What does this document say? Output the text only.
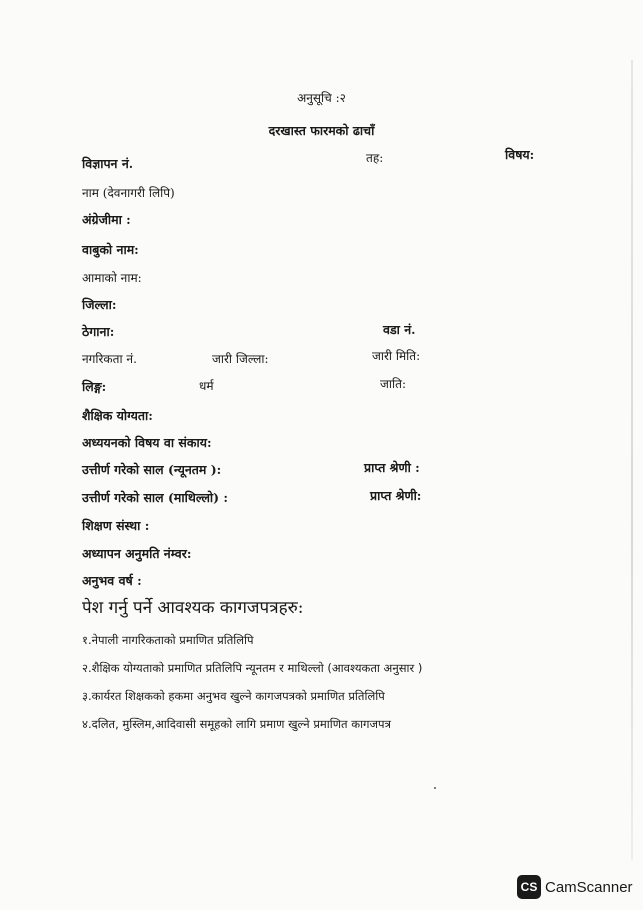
अनुसूचि :२
दरखास्त फारमको ढाचाँ
विज्ञापन नं.	तह:	विषय:
नाम (देवनागरी लिपि)
अंग्रेजीमा :
वाबुको नाम:
आमाको नाम:
जिल्ला:
ठेगाना:	वडा नं.
नगरिकता नं.	जारी जिल्ला:	जारी मिति:
लिङ्ग:	धर्म	जाति:
शैक्षिक योग्यता:
अध्ययनको विषय वा संकाय:
उत्तीर्ण गरेको साल (न्यूनतम ):	प्राप्त श्रेणी :
उत्तीर्ण गरेको साल (माथिल्लो) :	प्राप्त श्रेणी:
शिक्षण संस्था :
अध्यापन अनुमति नंम्वर:
अनुभव वर्ष :
पेश गर्नु पर्ने आवश्यक कागजपत्रहरु:
१.नेपाली नागरिकताको प्रमाणित प्रतिलिपि
२.शैक्षिक योग्यताको प्रमाणित प्रतिलिपि न्यूनतम र माथिल्लो (आवश्यकता अनुसार )
३.कार्यरत शिक्षकको हकमा अनुभव खुल्ने कागजपत्रको प्रमाणित प्रतिलिपि
४.दलित, मुस्लिम,आदिवासी समूहको लागि प्रमाण खुल्ने प्रमाणित कागजपत्र
CS CamScanner
